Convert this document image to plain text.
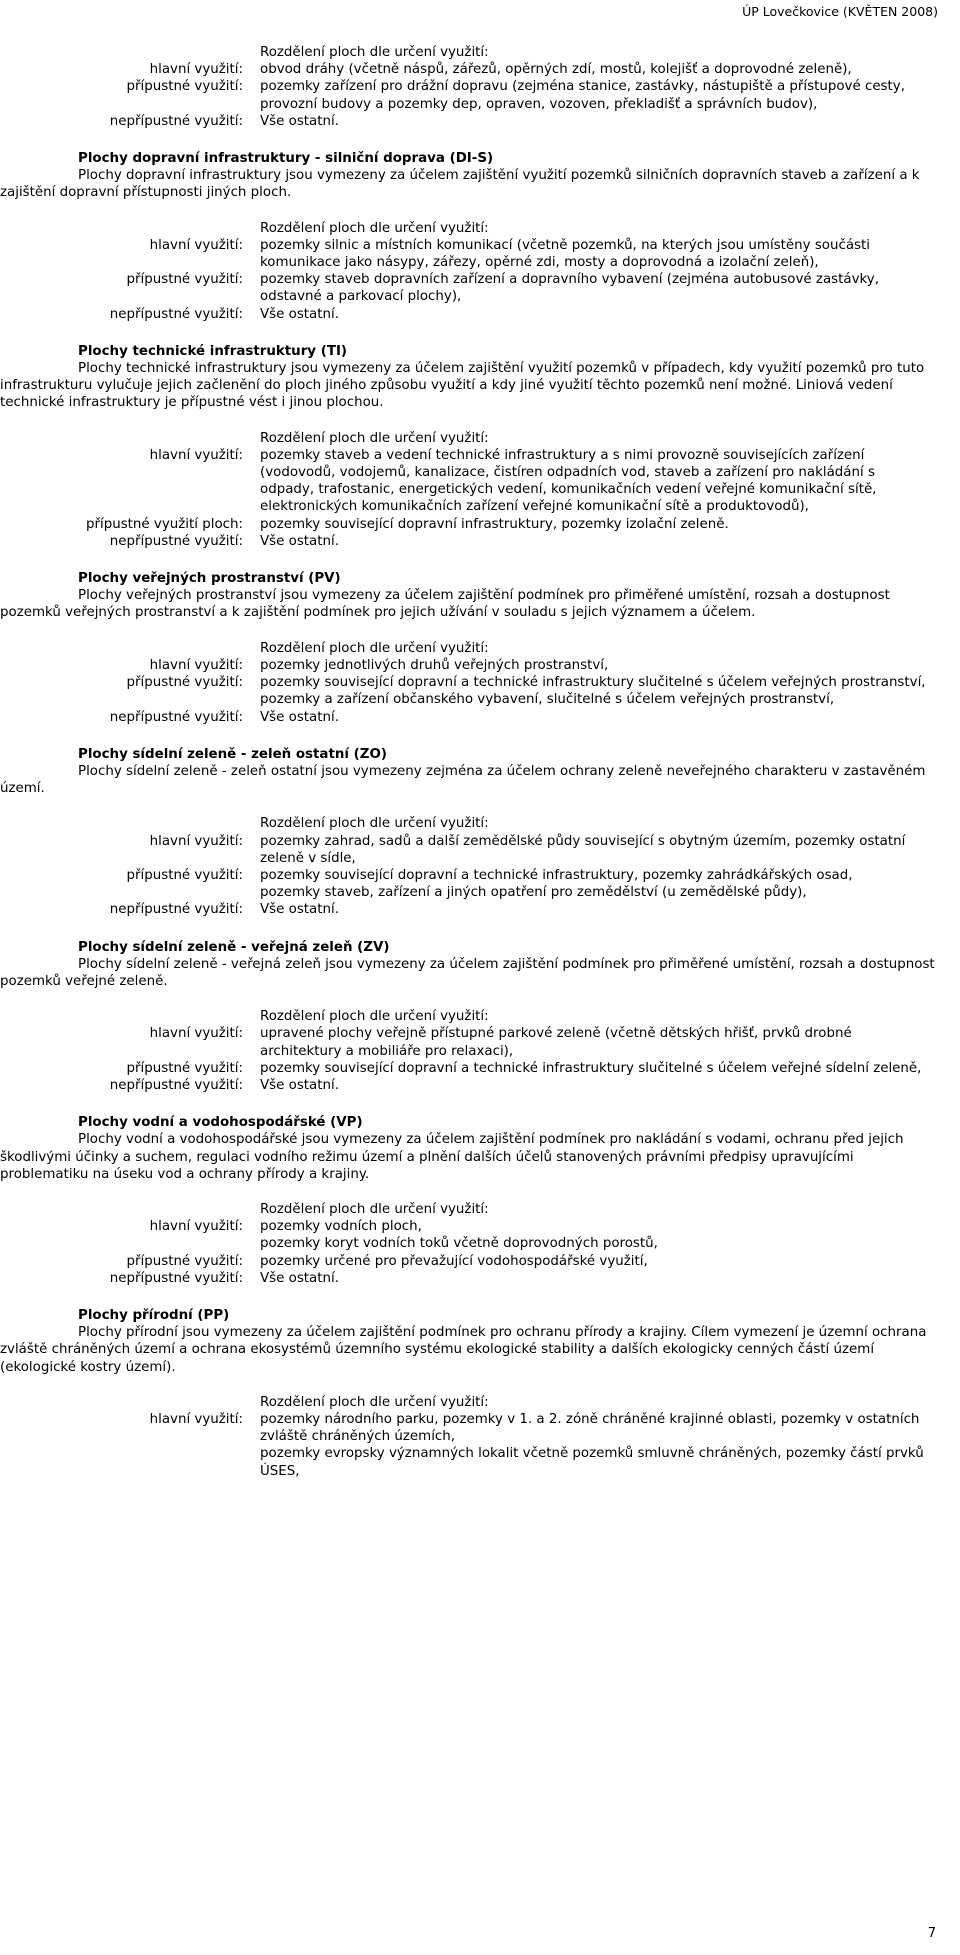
ÚP Lovečkovice (KVĚTEN 2008)
Rozdělení ploch dle určení využití:
hlavní využití:	obvod dráhy (včetně náspů, zářezů, opěrných zdí, mostů, kolejišť a doprovodné zeleně),
přípustné využití:	pozemky zařízení pro drážní dopravu (zejména stanice, zastávky, nástupiště a přístupové cesty, provozní budovy a pozemky dep, opraven, vozoven, překladišť a správních budov),
nepřípustné využití:	Vše ostatní.
Plochy dopravní infrastruktury - silniční doprava (DI-S)
Plochy dopravní infrastruktury jsou vymezeny za účelem zajištění využití pozemků silničních dopravních staveb a zařízení a k zajištění dopravní přístupnosti jiných ploch.
Rozdělení ploch dle určení využití:
hlavní využití:	pozemky silnic a místních komunikací (včetně pozemků, na kterých jsou umístěny součásti komunikace jako násypy, zářezy, opěrné zdi, mosty a doprovodná a izolační zeleň),
přípustné využití:	pozemky staveb dopravních zařízení a dopravního vybavení (zejména autobusové zastávky, odstavné a parkovací plochy),
nepřípustné využití:	Vše ostatní.
Plochy technické infrastruktury (TI)
Plochy technické infrastruktury jsou vymezeny za účelem zajištění využití pozemků v případech, kdy využití pozemků pro tuto infrastrukturu vylučuje jejich začlenění do ploch jiného způsobu využití a kdy jiné využití těchto pozemků není možné. Liniová vedení technické infrastruktury je přípustné vést i jinou plochou.
Rozdělení ploch dle určení využití:
hlavní využití:	pozemky staveb a vedení technické infrastruktury a s nimi provozně souvisejících zařízení (vodovodů, vodojemů, kanalizace, čistíren odpadních vod, staveb a zařízení pro nakládání s odpady, trafostanic, energetických vedení, komunikačních vedení veřejné komunikační sítě, elektronických komunikačních zařízení veřejné komunikační sítě a produktovodů),
přípustné využití ploch:	pozemky související dopravní infrastruktury, pozemky izolační zeleně.
nepřípustné využití:	Vše ostatní.
Plochy veřejných prostranství (PV)
Plochy veřejných prostranství jsou vymezeny za účelem zajištění podmínek pro přiměřené umístění, rozsah a dostupnost pozemků veřejných prostranství a k zajištění podmínek pro jejich užívání v souladu s jejich významem a účelem.
Rozdělení ploch dle určení využití:
hlavní využití:	pozemky jednotlivých druhů veřejných prostranství,
přípustné využití:	pozemky související dopravní a technické infrastruktury slučitelné s účelem veřejných prostranství,
pozemky a zařízení občanského vybavení, slučitelné s účelem veřejných prostranství,
nepřípustné využití:	Vše ostatní.
Plochy sídelní zeleně - zeleň ostatní (ZO)
Plochy sídelní zeleně - zeleň ostatní jsou vymezeny zejména za účelem ochrany zeleně neveřejného charakteru v zastavěném území.
Rozdělení ploch dle určení využití:
hlavní využití:	pozemky zahrad, sadů a další zemědělské půdy související s obytným územím, pozemky ostatní zeleně v sídle,
přípustné využití:	pozemky související dopravní a technické infrastruktury, pozemky zahrádkářských osad,
pozemky staveb, zařízení a jiných opatření pro zemědělství (u zemědělské půdy),
nepřípustné využití:	Vše ostatní.
Plochy sídelní zeleně - veřejná zeleň (ZV)
Plochy sídelní zeleně - veřejná zeleň jsou vymezeny za účelem zajištění podmínek pro přiměřené umístění, rozsah a dostupnost pozemků veřejné zeleně.
Rozdělení ploch dle určení využití:
hlavní využití:	upravené plochy veřejně přístupné parkové zeleně (včetně dětských hřišť, prvků drobné architektury a mobiliáře pro relaxaci),
přípustné využití:	pozemky související dopravní a technické infrastruktury slučitelné s účelem veřejné sídelní zeleně,
nepřípustné využití:	Vše ostatní.
Plochy vodní a vodohospodářské (VP)
Plochy vodní a vodohospodářské jsou vymezeny za účelem zajištění podmínek pro nakládání s vodami, ochranu před jejich škodlivými účinky a suchem, regulaci vodního režimu území a plnění dalších účelů stanovených právními předpisy upravujícími problematiku na úseku vod a ochrany přírody a krajiny.
Rozdělení ploch dle určení využití:
hlavní využití:	pozemky vodních ploch,
pozemky koryt vodních toků včetně doprovodných porostů,
přípustné využití:	pozemky určené pro převažující vodohospodářské využití,
nepřípustné využití:	Vše ostatní.
Plochy přírodní (PP)
Plochy přírodní jsou vymezeny za účelem zajištění podmínek pro ochranu přírody a krajiny. Cílem vymezení je územní ochrana zvláště chráněných území a ochrana ekosystémů územního systému ekologické stability a dalších ekologicky cenných částí území (ekologické kostry území).
Rozdělení ploch dle určení využití:
hlavní využití:	pozemky národního parku, pozemky v 1. a 2. zóně chráněné krajinné oblasti, pozemky v ostatních zvláště chráněných územích,
pozemky evropsky významných lokalit včetně pozemků smluvně chráněných, pozemky částí prvků ÚSES,
7
